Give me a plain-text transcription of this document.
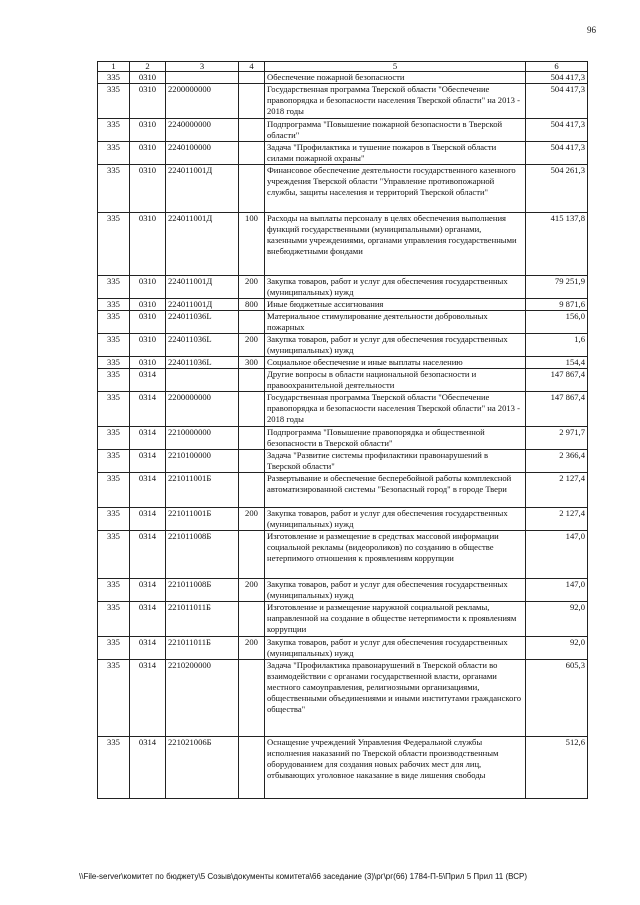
96
1	2	3	4	5	6
335	0310			Обеспечение пожарной безопасности	504 417,3
335	0310	2200000000		Государственная программа Тверской области "Обеспечение правопорядка и безопасности населения Тверской области" на 2013 - 2018 годы	504 417,3
335	0310	2240000000		Подпрограмма "Повышение пожарной безопасности в Тверской области"	504 417,3
335	0310	2240100000		Задача "Профилактика и тушение пожаров в Тверской области силами пожарной охраны"	504 417,3
335	0310	224011001Д		Финансовое обеспечение деятельности государственного казенного учреждения Тверской области "Управление противопожарной службы, защиты населения и территорий Тверской области"	504 261,3
335	0310	224011001Д	100	Расходы на выплаты персоналу в целях обеспечения выполнения функций государственными (муниципальными) органами, казенными учреждениями, органами управления государственными внебюджетными фондами	415 137,8
335	0310	224011001Д	200	Закупка товаров, работ и услуг для обеспечения государственных (муниципальных) нужд	79 251,9
335	0310	224011001Д	800	Иные бюджетные ассигнования	9 871,6
335	0310	224011036L		Материальное стимулирование деятельности добровольных пожарных	156,0
335	0310	224011036L	200	Закупка товаров, работ и услуг для обеспечения государственных (муниципальных) нужд	1,6
335	0310	224011036L	300	Социальное обеспечение и иные выплаты населению	154,4
335	0314			Другие вопросы в области национальной безопасности и правоохранительной деятельности	147 867,4
335	0314	2200000000		Государственная программа Тверской области "Обеспечение правопорядка и безопасности населения Тверской области" на 2013 - 2018 годы	147 867,4
335	0314	2210000000		Подпрограмма "Повышение правопорядка и общественной безопасности в Тверской области"	2 971,7
335	0314	2210100000		Задача "Развитие системы профилактики правонарушений в Тверской области"	2 366,4
335	0314	221011001Б		Развертывание и обеспечение бесперебойной работы комплексной автоматизированной системы "Безопасный город" в городе Твери	2 127,4
335	0314	221011001Б	200	Закупка товаров, работ и услуг для обеспечения государственных (муниципальных) нужд	2 127,4
335	0314	221011008Б		Изготовление и размещение в средствах массовой информации социальной рекламы (видеороликов) по созданию в обществе нетерпимого отношения к проявлениям коррупции	147,0
335	0314	221011008Б	200	Закупка товаров, работ и услуг для обеспечения государственных (муниципальных) нужд	147,0
335	0314	221011011Б		Изготовление и размещение наружной социальной рекламы, направленной на создание в обществе нетерпимости к проявлениям коррупции	92,0
335	0314	221011011Б	200	Закупка товаров, работ и услуг для обеспечения государственных (муниципальных) нужд	92,0
335	0314	2210200000		Задача "Профилактика правонарушений в Тверской области во взаимодействии с органами государственной власти, органами местного самоуправления, религиозными организациями, общественными объединениями и иными институтами гражданского общества"	605,3
335	0314	221021006Б		Оснащение учреждений Управления Федеральной службы исполнения наказаний по Тверской области производственным оборудованием для создания новых рабочих мест для лиц, отбывающих уголовное наказание в виде лишения свободы	512,6
\\File-server\комитет по бюджету\5 Созыв\документы комитета\66 заседание (3)\рг\рг(66) 1784-П-5\Прил 5 Прил 11 (ВСР)
